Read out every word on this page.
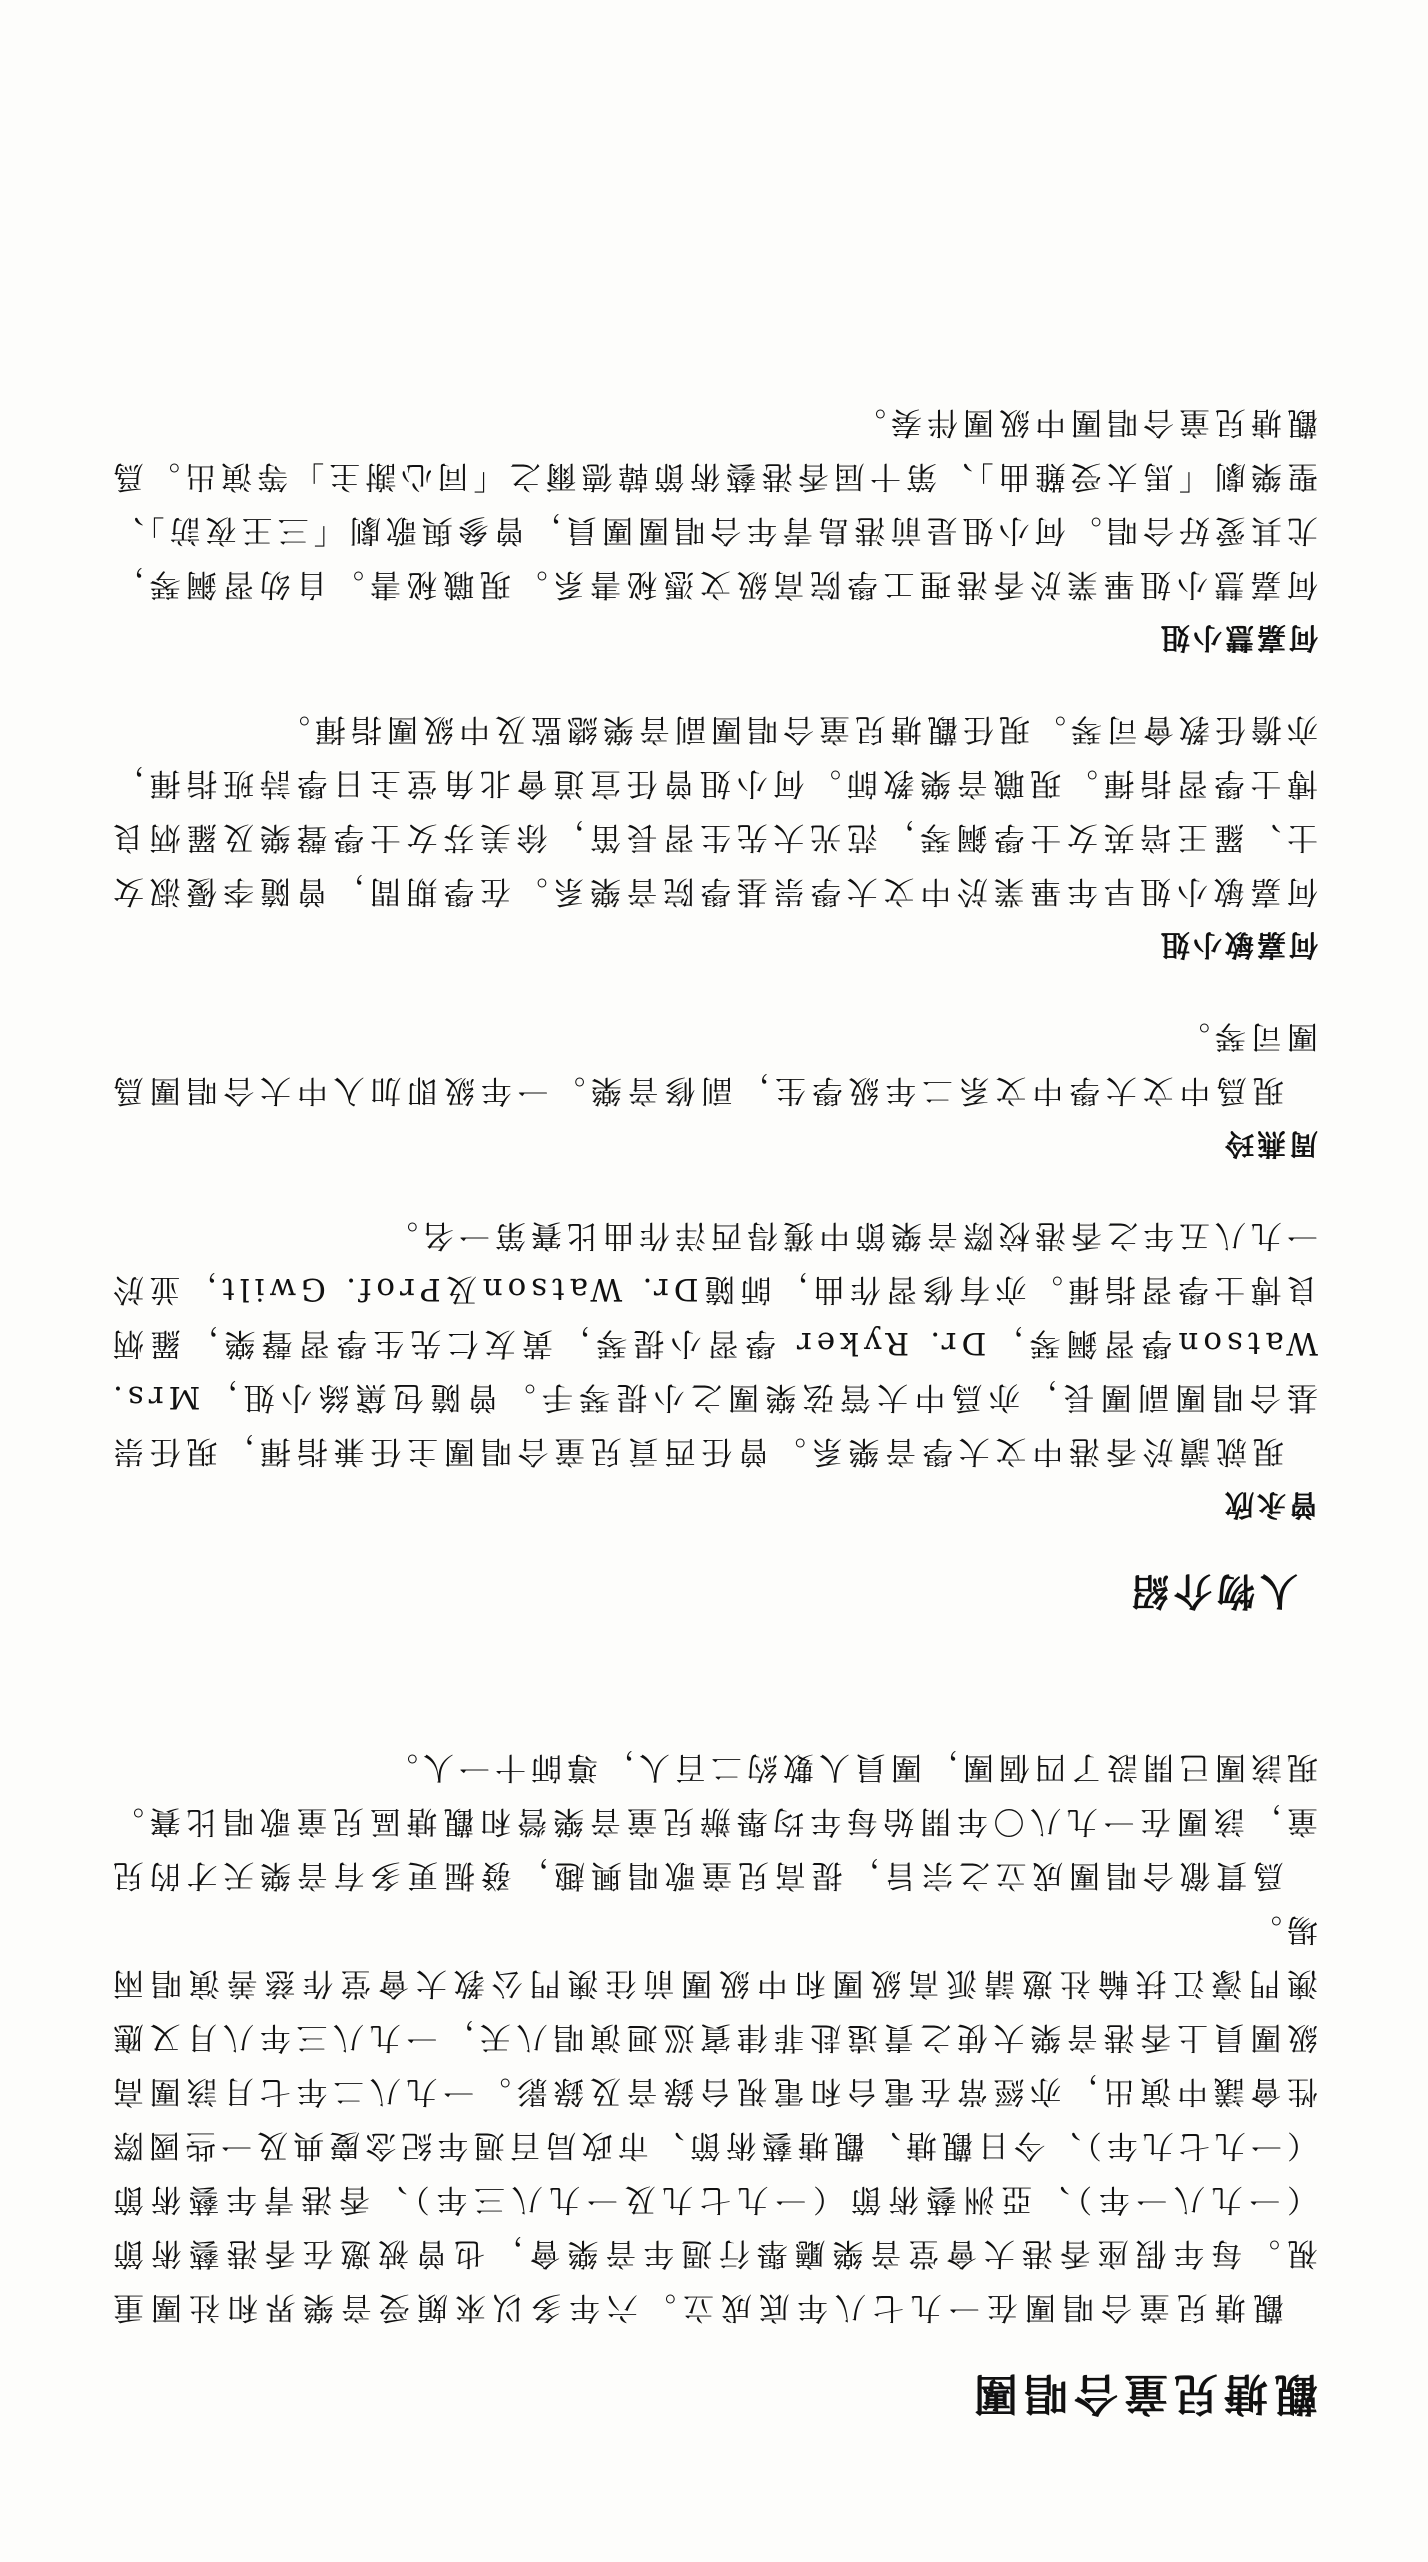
觀塘兒童合唱團

觀塘兒童合唱團在一九七八年底成立。六年多以來頗受音樂界和社團重視。每年假座香港大會堂音樂廳舉行週年音樂會，也曾被邀在香港藝術節（一九八一年）、亞洲藝術節（一九七九及一九八三年）、香港青年藝術節（一九七九年）、今日觀塘、觀塘藝術節、市政局百週年紀念慶典及一些國際性會議中演出，亦經常在電台和電視台錄音及錄影。一九八二年七月該團高級團員上香港音樂大使之責遠赴菲律賓巡迴演唱八天，一九八三年八月又應澳門濠江扶輪社邀請派高級團和中級團前往澳門公教大會堂作慈善演唱兩場。

爲貫徹合唱團成立之宗旨，提高兒童歌唱興趣，發掘更多有音樂天才的兒童，該團在一九八〇年開始每年均舉辦兒童音樂營和觀塘區兒童歌唱比賽。現該團已開設了四個團，團員人數約二百人，導師十一人。

人物介紹
曾永欣

現就讀於香港中文大學音樂系。曾任西貢兒童合唱團主任兼指揮，現任崇基合唱團副團長，亦爲中大管弦樂團之小提琴手。曾隨包黛絲小姐，Mrs. Watson學習鋼琴，Dr. Ryker 學習小提琴，黃友仁先生學習聲樂，羅炳良博士學習指揮。亦有修習作曲，師隨Dr. Watson及Prof. Gwilt，並於一九八五年之香港校際音樂節中獲得西洋作曲比賽第一名。

周燕玲

現爲中文大學中文系二年級學生，副修音樂。一年級即加入中大合唱團爲團司琴。

何嘉敏小姐

何嘉敏小姐早年畢業於中文大學崇基學院音樂系。在學期間，曾隨李優淑女士、羅王培英女士學鋼琴，范光大先生習長笛，徐美芬女士學聲樂及羅炳良博士學習指揮。現職音樂教師。何小姐曾任宣道會北角堂主日學詩班指揮，亦擔任教會司琴。現任觀塘兒童合唱團副音樂總監及中級團指揮。

何嘉慧小姐

何嘉慧小姐畢業於香港理工學院高級文憑秘書系。現職秘書。自幼習鋼琴，尤其愛好合唱。何小姐是前港島青年合唱團團員，曾參與歌劇「三王夜訪」、聖樂劇「馬太受難曲」、第十屆香港藝術節韓德爾之「同心謝主」等演出。爲觀塘兒童合唱團中級團伴奏。
